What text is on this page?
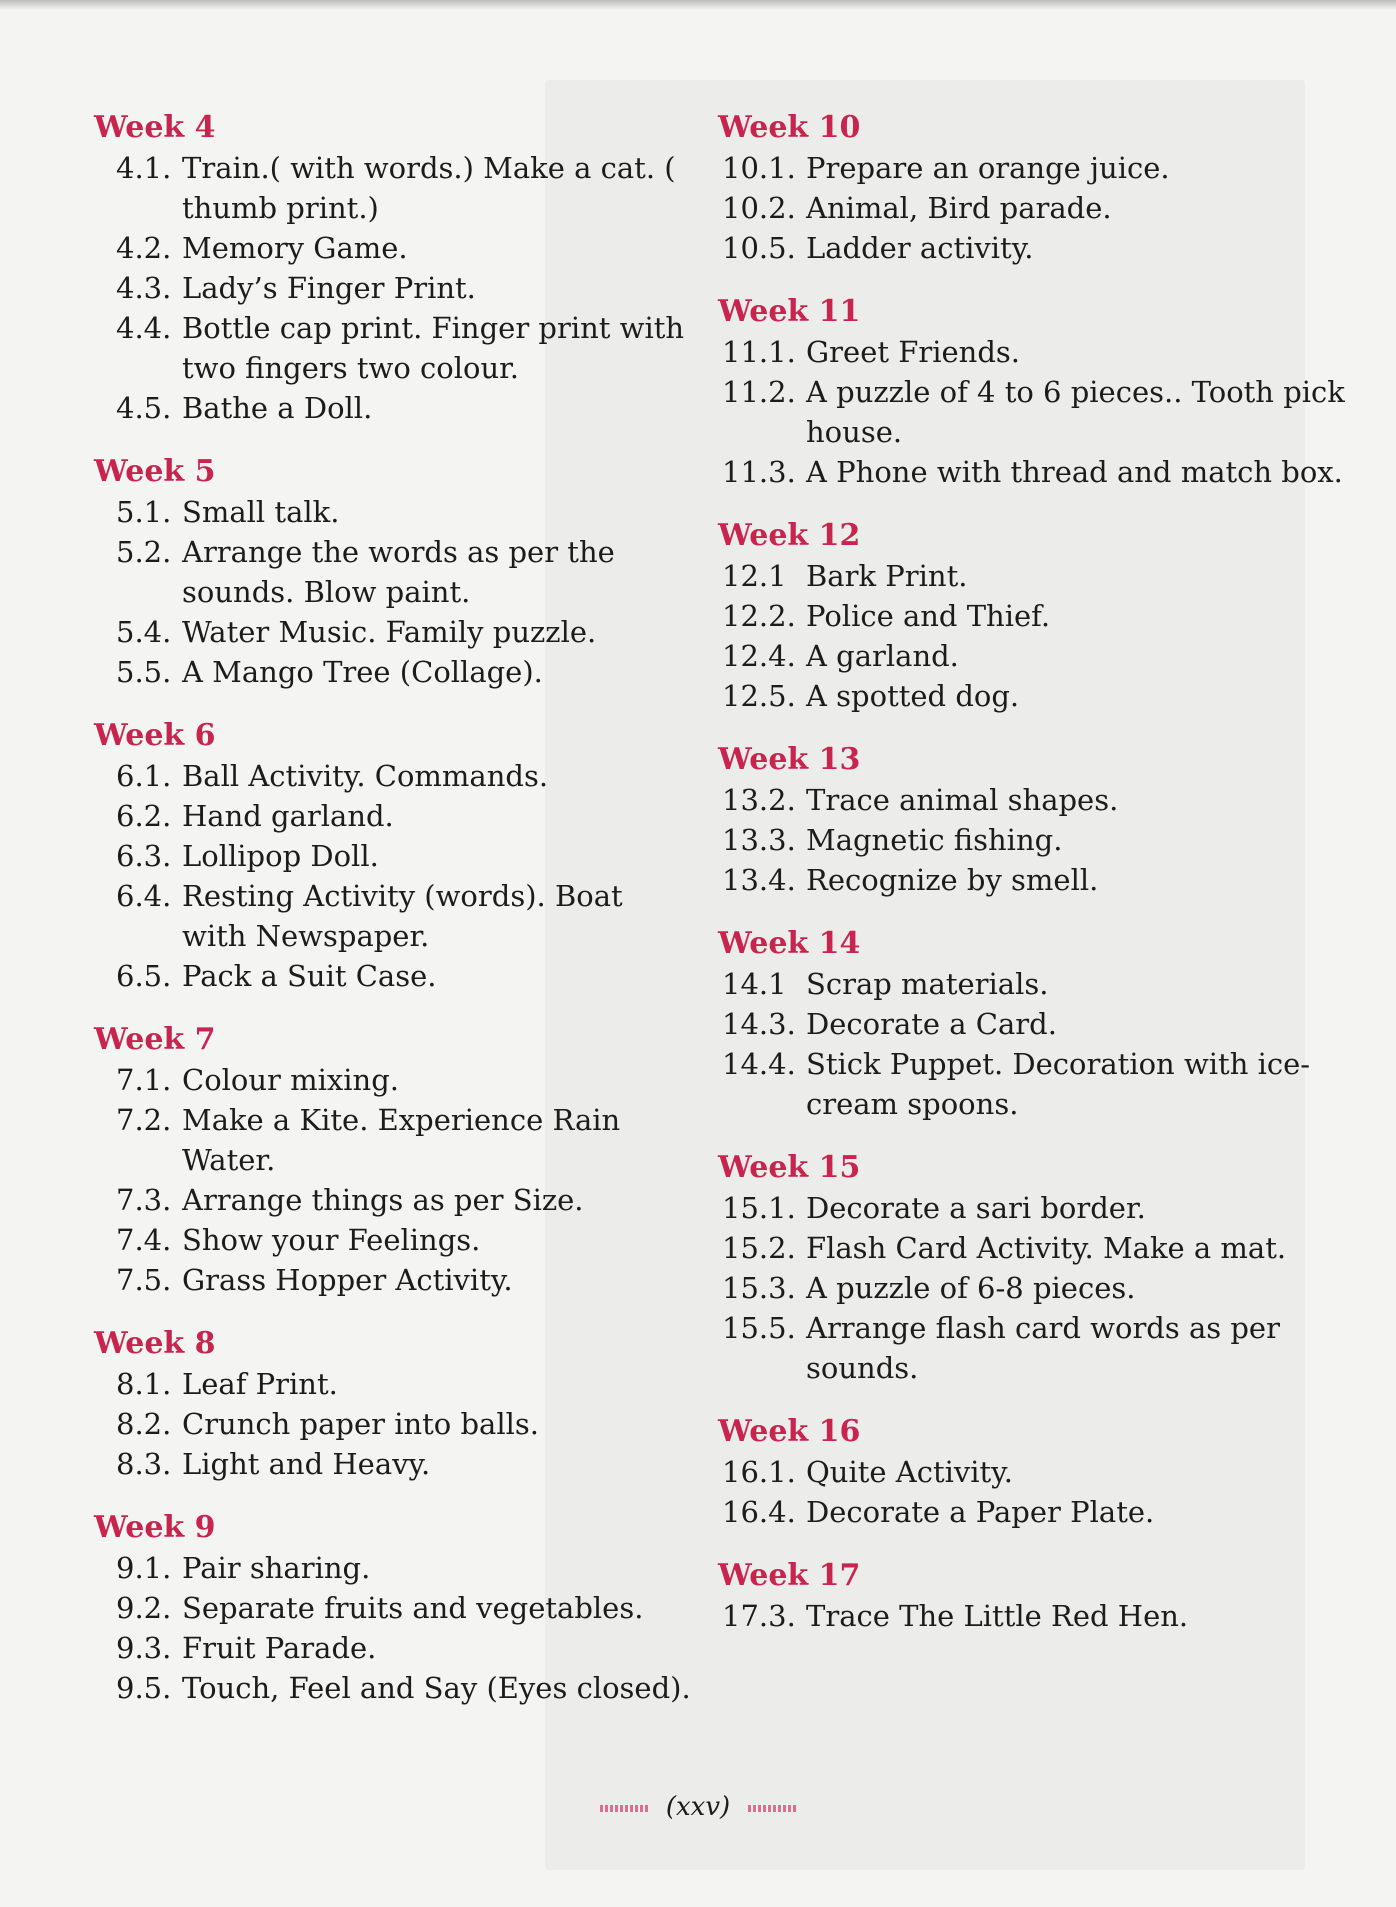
Week 4
4.1. Train.( with words.) Make a cat. ( thumb print.)
4.2. Memory Game.
4.3. Lady’s Finger Print.
4.4. Bottle cap print. Finger print with two fingers two colour.
4.5. Bathe a Doll.
Week 5
5.1. Small talk.
5.2. Arrange the words as per the sounds. Blow paint.
5.4. Water Music. Family puzzle.
5.5. A Mango Tree (Collage).
Week 6
6.1. Ball Activity. Commands.
6.2. Hand garland.
6.3. Lollipop Doll.
6.4. Resting Activity (words). Boat with Newspaper.
6.5. Pack a Suit Case.
Week 7
7.1. Colour mixing.
7.2. Make a Kite. Experience Rain Water.
7.3. Arrange things as per Size.
7.4. Show your Feelings.
7.5. Grass Hopper Activity.
Week 8
8.1. Leaf Print.
8.2. Crunch paper into balls.
8.3. Light and Heavy.
Week 9
9.1. Pair sharing.
9.2. Separate fruits and vegetables.
9.3. Fruit Parade.
9.5. Touch, Feel and Say (Eyes closed).
Week 10
10.1. Prepare an orange juice.
10.2. Animal, Bird parade.
10.5. Ladder activity.
Week 11
11.1. Greet Friends.
11.2. A puzzle of 4 to 6 pieces.. Tooth pick house.
11.3. A Phone with thread and match box.
Week 12
12.1 Bark Print.
12.2. Police and Thief.
12.4. A garland.
12.5. A spotted dog.
Week 13
13.2. Trace animal shapes.
13.3. Magnetic fishing.
13.4. Recognize by smell.
Week 14
14.1 Scrap materials.
14.3. Decorate a Card.
14.4. Stick Puppet. Decoration with ice-cream spoons.
Week 15
15.1. Decorate a sari border.
15.2. Flash Card Activity. Make a mat.
15.3. A puzzle of 6-8 pieces.
15.5. Arrange flash card words as per sounds.
Week 16
16.1. Quite Activity.
16.4. Decorate a Paper Plate.
Week 17
17.3. Trace The Little Red Hen.
(xxv)
